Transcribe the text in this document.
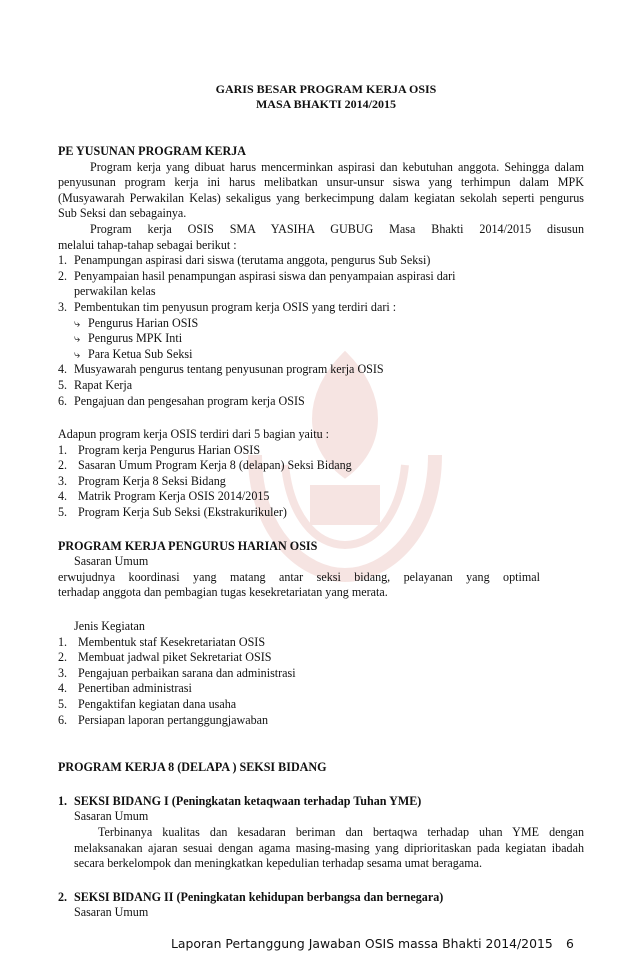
GARIS BESAR PROGRAM KERJA OSIS
MASA BHAKTI 2014/2015
PE YUSUNAN PROGRAM KERJA
Program kerja yang dibuat harus mencerminkan aspirasi dan kebutuhan anggota. Sehingga dalam penyusunan program kerja ini harus melibatkan unsur-unsur siswa yang terhimpun dalam MPK (Musyawarah Perwakilan Kelas) sekaligus yang berkecimpung dalam kegiatan sekolah seperti pengurus Sub Seksi dan sebagainya.
Program kerja OSIS SMA YASIHA GUBUG Masa Bhakti 2014/2015 disusun
melalui tahap-tahap sebagai berikut :
1. Penampungan aspirasi dari siswa (terutama anggota, pengurus Sub Seksi)
2. Penyampaian hasil penampungan aspirasi siswa dan penyampaian aspirasi dari
perwakilan kelas
3. Pembentukan tim penyusun program kerja OSIS yang terdiri dari :
⤷ Pengurus Harian OSIS
⤷ Pengurus MPK Inti
⤷ Para Ketua Sub Seksi
4. Musyawarah pengurus tentang penyusunan program kerja OSIS
5. Rapat Kerja
6. Pengajuan dan pengesahan program kerja OSIS
Adapun program kerja OSIS terdiri dari 5 bagian yaitu :
1. Program kerja Pengurus Harian OSIS
2. Sasaran Umum Program Kerja 8 (delapan) Seksi Bidang
3. Program Kerja 8 Seksi Bidang
4. Matrik Program Kerja OSIS 2014/2015
5. Program Kerja Sub Seksi (Ekstrakurikuler)
PROGRAM KERJA PENGURUS HARIAN OSIS
Sasaran Umum
erwujudnya koordinasi yang matang antar seksi bidang, pelayanan yang optimal
terhadap anggota dan pembagian tugas kesekretariatan yang merata.
Jenis Kegiatan
1. Membentuk staf Kesekretariatan OSIS
2. Membuat jadwal piket Sekretariat OSIS
3. Pengajuan perbaikan sarana dan administrasi
4. Penertiban administrasi
5. Pengaktifan kegiatan dana usaha
6. Persiapan laporan pertanggungjawaban
PROGRAM KERJA 8 (DELAPA ) SEKSI BIDANG
1. SEKSI BIDANG I (Peningkatan ketaqwaan terhadap Tuhan YME)
Sasaran Umum
Terbinanya kualitas dan kesadaran beriman dan bertaqwa terhadap uhan YME dengan melaksanakan ajaran sesuai dengan agama masing-masing yang diprioritaskan pada kegiatan ibadah secara berkelompok dan meningkatkan kepedulian terhadap sesama umat beragama.
2. SEKSI BIDANG II (Peningkatan kehidupan berbangsa dan bernegara)
Sasaran Umum
Laporan Pertanggung Jawaban OSIS massa Bhakti 2014/2015 6
